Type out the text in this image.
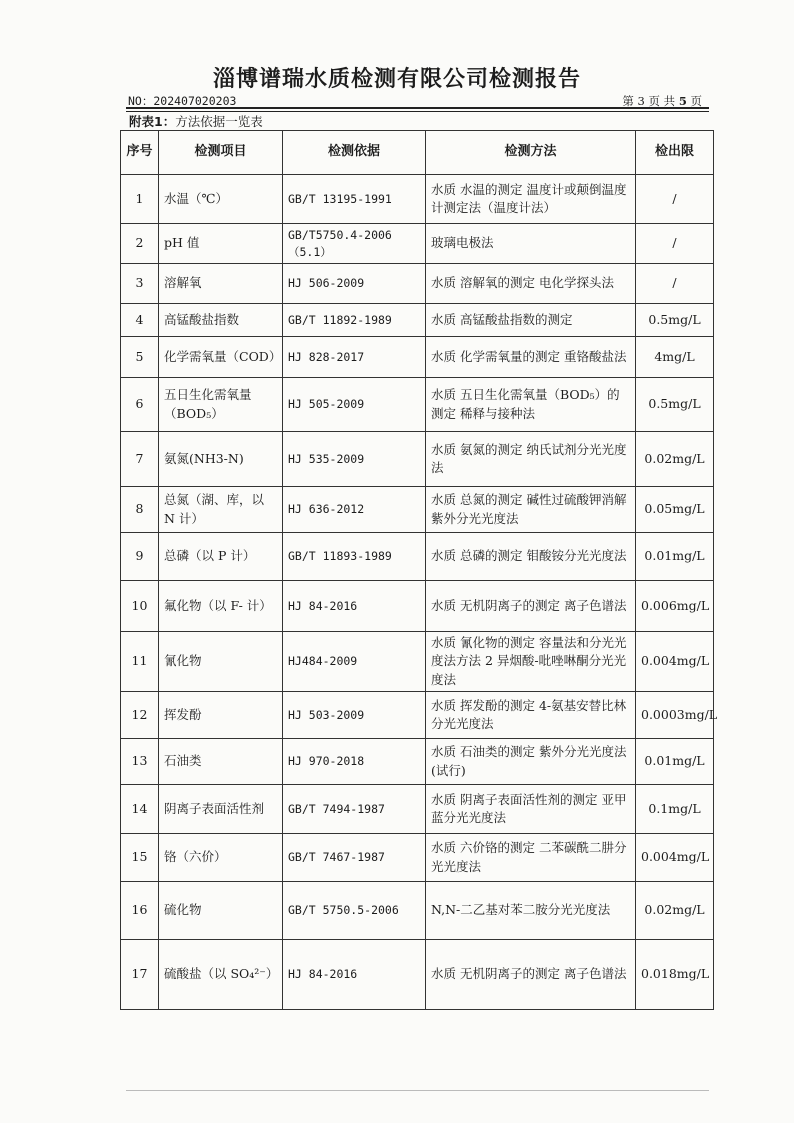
淄博谱瑞水质检测有限公司检测报告
NO：202407020203	第 3 页 共 5 页
附表1：方法依据一览表
序号	检测项目	检测依据	检测方法	检出限
1	水温（℃）	GB/T 13195-1991	水质 水温的测定 温度计或颠倒温度计测定法（温度计法）	/
2	pH 值	GB/T5750.4-2006（5.1）	玻璃电极法	/
3	溶解氧	HJ 506-2009	水质 溶解氧的测定 电化学探头法	/
4	高锰酸盐指数	GB/T 11892-1989	水质 高锰酸盐指数的测定	0.5mg/L
5	化学需氧量（COD）	HJ 828-2017	水质 化学需氧量的测定 重铬酸盐法	4mg/L
6	五日生化需氧量（BOD₅）	HJ 505-2009	水质 五日生化需氧量（BOD₅）的测定 稀释与接种法	0.5mg/L
7	氨氮(NH3-N)	HJ 535-2009	水质 氨氮的测定 纳氏试剂分光光度法	0.02mg/L
8	总氮（湖、库，以 N 计）	HJ 636-2012	水质 总氮的测定 碱性过硫酸钾消解紫外分光光度法	0.05mg/L
9	总磷（以 P 计）	GB/T 11893-1989	水质 总磷的测定 钼酸铵分光光度法	0.01mg/L
10	氟化物（以 F- 计）	HJ 84-2016	水质 无机阴离子的测定 离子色谱法	0.006mg/L
11	氰化物	HJ484-2009	水质 氰化物的测定 容量法和分光光度法方法 2 异烟酸-吡唑啉酮分光光度法	0.004mg/L
12	挥发酚	HJ 503-2009	水质 挥发酚的测定 4-氨基安替比林分光光度法	0.0003mg/L
13	石油类	HJ 970-2018	水质 石油类的测定 紫外分光光度法(试行)	0.01mg/L
14	阴离子表面活性剂	GB/T 7494-1987	水质 阴离子表面活性剂的测定 亚甲蓝分光光度法	0.1mg/L
15	铬（六价）	GB/T 7467-1987	水质 六价铬的测定 二苯碳酰二肼分光光度法	0.004mg/L
16	硫化物	GB/T 5750.5-2006	N,N-二乙基对苯二胺分光光度法	0.02mg/L
17	硫酸盐（以 SO₄²⁻）	HJ 84-2016	水质 无机阴离子的测定 离子色谱法	0.018mg/L
